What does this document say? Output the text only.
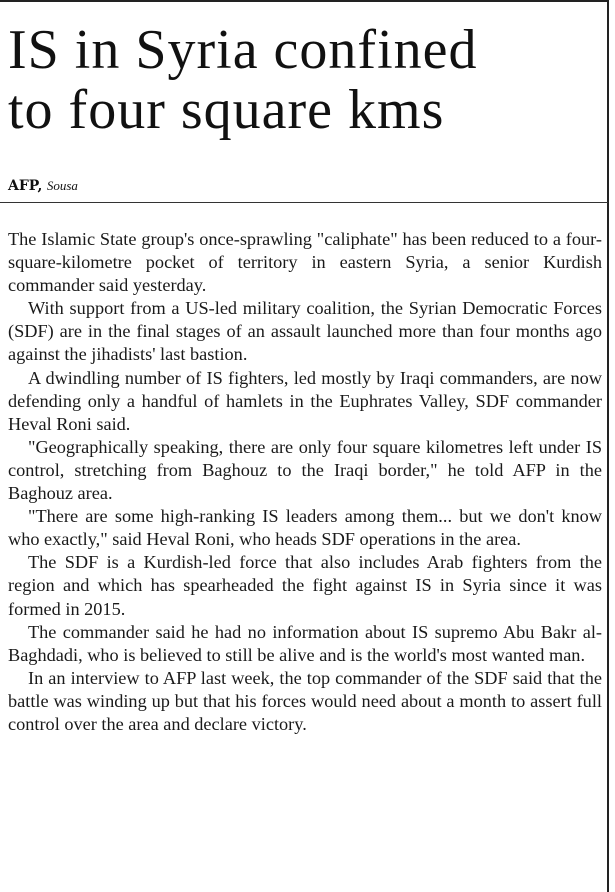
IS in Syria confined
to four square kms
AFP, Sousa

The Islamic State group's once-sprawling "caliphate" has been reduced to a four-square-kilometre pocket of territory in eastern Syria, a senior Kurdish commander said yesterday.

With support from a US-led military coalition, the Syrian Democratic Forces (SDF) are in the final stages of an assault launched more than four months ago against the jihadists' last bastion.

A dwindling number of IS fighters, led mostly by Iraqi commanders, are now defending only a handful of hamlets in the Euphrates Valley, SDF commander Heval Roni said.

"Geographically speaking, there are only four square kilometres left under IS control, stretching from Baghouz to the Iraqi border," he told AFP in the Baghouz area.

"There are some high-ranking IS leaders among them... but we don't know who exactly," said Heval Roni, who heads SDF operations in the area.

The SDF is a Kurdish-led force that also includes Arab fighters from the region and which has spearheaded the fight against IS in Syria since it was formed in 2015.

The commander said he had no information about IS supremo Abu Bakr al-Baghdadi, who is believed to still be alive and is the world's most wanted man.

In an interview to AFP last week, the top commander of the SDF said that the battle was winding up but that his forces would need about a month to assert full control over the area and declare victory.
